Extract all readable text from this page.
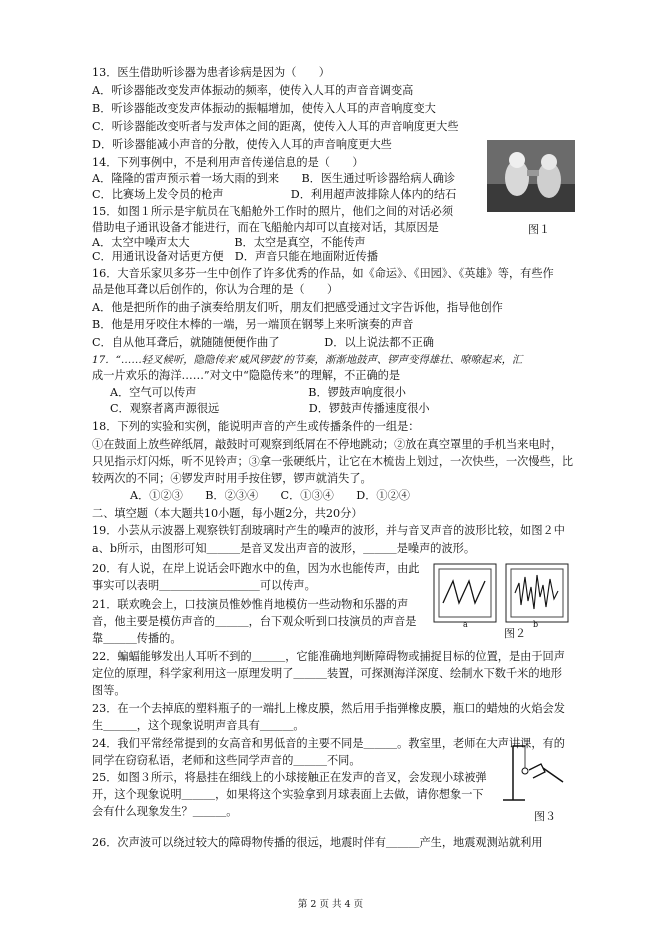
13．医生借助听诊器为患者诊病是因为（　　）
A．听诊器能改变发声体振动的频率，使传入人耳的声音音调变高
B．听诊器能改变发声体振动的振幅增加，使传入人耳的声音响度变大
C．听诊器能改变听者与发声体之间的距离，使传入人耳的声音响度更大些
D．听诊器能减小声音的分散，使传入人耳的声音响度更大些
14．下列事例中，不是利用声音传递信息的是（　　）
A．隆隆的雷声预示着一场大雨的到来　　B．医生通过听诊器给病人确诊
C．比赛场上发令员的枪声　　　　　　D．利用超声波排除人体内的结石
15．如图１所示是宇航员在飞船舱外工作时的照片，他们之间的对话必须
借助电子通讯设备才能进行，而在飞船舱内却可以直接对话，其原因是
A．太空中噪声太大　　　　B．太空是真空，不能传声
C．用通讯设备对话更方便　D．声音只能在地面附近传播
16．大音乐家贝多芬一生中创作了许多优秀的作品，如《命运》、《田园》、《英雄》等，有些作
品是他耳聋以后创作的，你认为合理的是（　　）
A．他是把所作的曲子演奏给朋友们听，朋友们把感受通过文字告诉他，指导他创作
B．他是用牙咬住木棒的一端，另一端顶在钢琴上来听演奏的声音
C．自从他耳聋后，就随随便便作曲了　　　　D．以上说法都不正确
17．“……轻叉候听，隐隐传来‘威风锣鼓’的节奏，渐渐地鼓声、锣声变得雄壮、嘹嘹起来，汇
成一片欢乐的海洋……”对文中“隐隐传来”的理解，不正确的是
A．空气可以传声　　　　　　　　　　B．锣鼓声响度很小
C．观察者离声源很远　　　　　　　　D．锣鼓声传播速度很小
18．下列的实验和实例，能说明声音的产生或传播条件的一组是：
①在鼓面上放些碎纸屑，敲鼓时可观察到纸屑在不停地跳动；②放在真空罩里的手机当来电时，
只见指示灯闪烁，听不见铃声；③拿一张硬纸片，让它在木梳齿上划过，一次快些，一次慢些，比
较两次的不同；④锣发声时用手按住锣，锣声就消失了。
A．①②③　　B．②③④　　C．①③④　　D．①②④
二、填空题（本大题共10小题，每小题2分，共20分）
19．小芸从示波器上观察铁钉刮玻璃时产生的噪声的波形，并与音叉声音的波形比较，如图２中
a、b所示，由图形可知＿＿＿是音叉发出声音的波形，＿＿＿是噪声的波形。
20．有人说，在岸上说话会吓跑水中的鱼，因为水也能传声，由此事实可以表明＿＿＿＿＿＿＿＿＿可以传声。
21．联欢晚会上，口技演员惟妙惟肖地模仿一些动物和乐器的声音，他主要是模仿声音的＿＿＿，台下观众听到口技演员的声音是靠＿＿＿传播的。
22．蝙蝠能够发出人耳听不到的＿＿＿，它能准确地判断障碍物或捕捉目标的位置，是由于回声定位的原理，科学家利用这一原理发明了＿＿＿装置，可探测海洋深度、绘制水下数千米的地形图等。
23．在一个去掉底的塑料瓶子的一端扎上橡皮膜，然后用手指弹橡皮膜，瓶口的蜡烛的火焰会发生＿＿＿，这个现象说明声音具有＿＿＿。
24．我们平常经常提到的女高音和男低音的主要不同是＿＿＿。教室里，老师在大声讲课，有的同学在窃窃私语，老师和这些同学声音的＿＿＿不同。
25．如图３所示，将悬挂在细线上的小球接触正在发声的音叉，会发现小球被弹开，这个现象说明＿＿＿，如果将这个实验拿到月球表面上去做，请你想象一下会有什么现象发生？＿＿＿。
26．次声波可以绕过较大的障碍物传播的很远，地震时伴有＿＿＿产生，地震观测站就利用
图１
a	b
图２
图３
第 2 页 共 4 页
